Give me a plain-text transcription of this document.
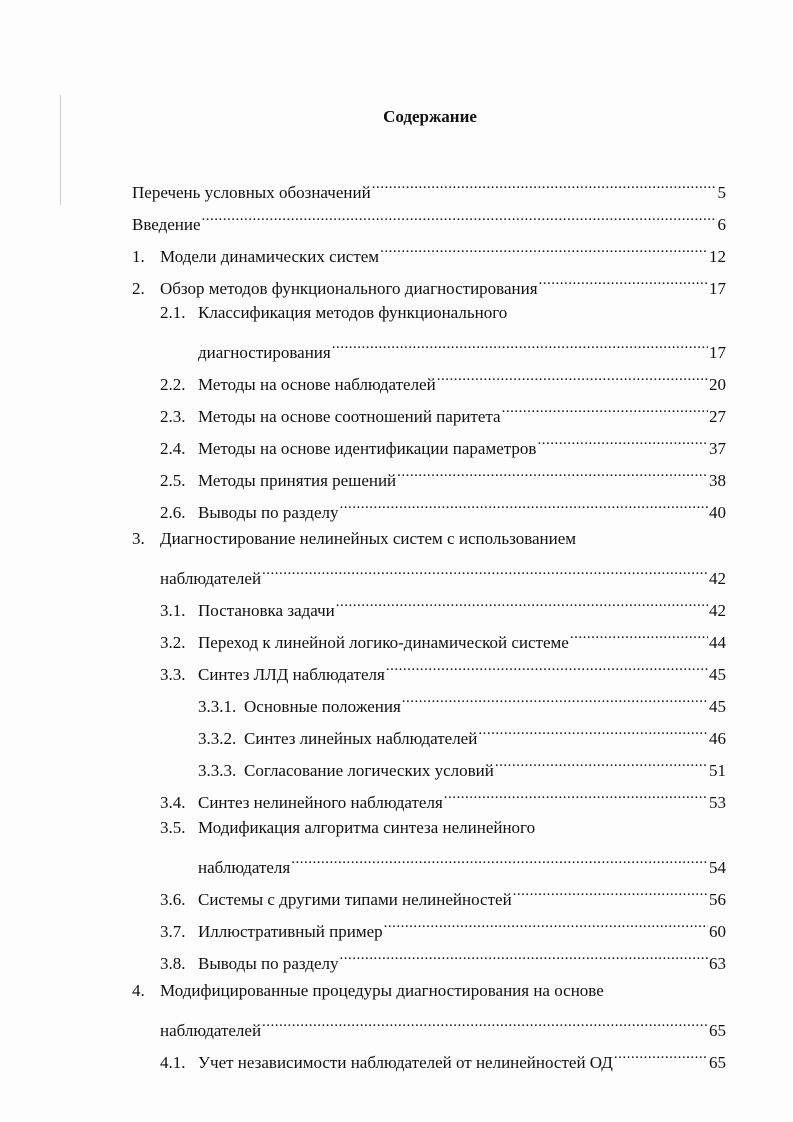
Содержание
Перечень условных обозначений .....	5
Введение .....	6
1. Модели динамических систем .....	12
2. Обзор методов функционального диагностирования .....	17
2.1. Классификация методов функционального
диагностирования .....	17
2.2. Методы на основе наблюдателей .....	20
2.3. Методы на основе соотношений паритета .....	27
2.4. Методы на основе идентификации параметров .....	37
2.5. Методы принятия решений .....	38
2.6. Выводы по разделу .....	40
3. Диагностирование нелинейных систем с использованием
наблюдателей .....	42
3.1. Постановка задачи .....	42
3.2. Переход к линейной логико-динамической системе .....	44
3.3. Синтез ЛЛД наблюдателя .....	45
3.3.1. Основные положения .....	45
3.3.2. Синтез линейных наблюдателей .....	46
3.3.3. Согласование логических условий .....	51
3.4. Синтез нелинейного наблюдателя .....	53
3.5. Модификация алгоритма синтеза нелинейного
наблюдателя .....	54
3.6. Системы с другими типами нелинейностей .....	56
3.7. Иллюстративный пример .....	60
3.8. Выводы по разделу .....	63
4. Модифицированные процедуры диагностирования на основе
наблюдателей .....	65
4.1. Учет независимости наблюдателей от нелинейностей ОД .....	65
